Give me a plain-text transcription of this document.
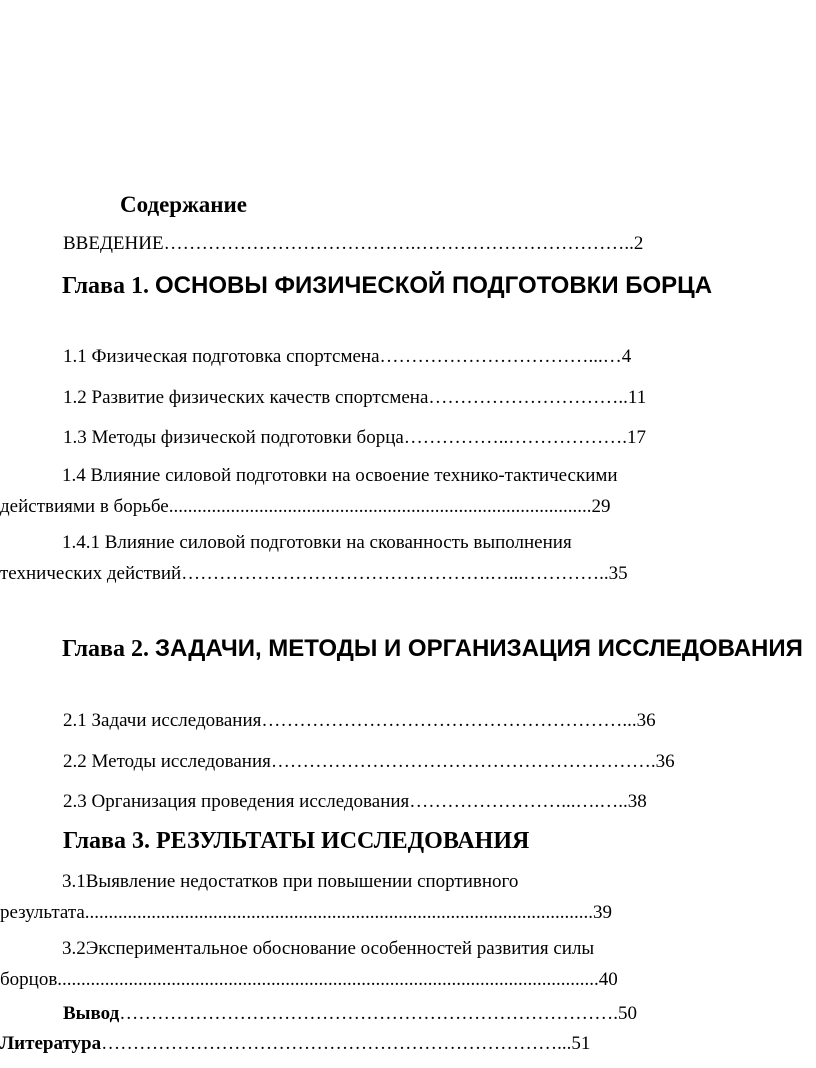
Содержание
ВВЕДЕНИЕ………………………………….……………………………..2
Глава 1. ОСНОВЫ ФИЗИЧЕСКОЙ ПОДГОТОВКИ БОРЦА
1.1 Физическая подготовка спортсмена……………………………...…4
1.2 Развитие физических качеств спортсмена…………………………..11
1.3 Методы физической подготовки борца……………..……………….17
1.4 Влияние силовой подготовки на освоение технико-тактическими
действиями в борьбе.........................................................................................29
1.4.1 Влияние силовой подготовки на скованность выполнения
технических действий………………………………………….…...…………..35
Глава 2. ЗАДАЧИ, МЕТОДЫ И ОРГАНИЗАЦИЯ ИССЛЕДОВАНИЯ
2.1 Задачи исследования…………………………………………………...36
2.2 Методы исследования…………………………………………………….36
2.3 Организация проведения исследования……………………...….…..38
Глава 3. РЕЗУЛЬТАТЫ ИССЛЕДОВАНИЯ
3.1Выявление недостатков при повышении спортивного
результата...........................................................................................................39
3.2Экспериментальное обоснование особенностей развития силы
борцов..................................................................................................................40
Вывод…………………………………………………………………….50
Литература………………………………………………………………...51
